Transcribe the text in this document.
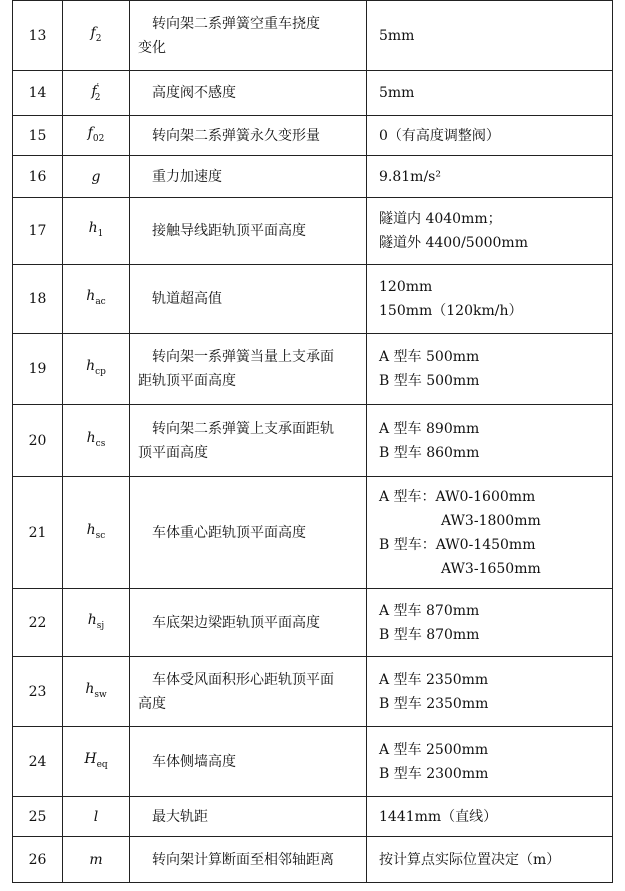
13	$f_2$	转向架二系弹簧空重车挠度
变化	5mm

14	$f'_2$	高度阀不感度	5mm

15	$f_{02}$	转向架二系弹簧永久变形量	0（有高度调整阀）

16	g	重力加速度	9.81m/s²

17	$h_1$	接触导线距轨顶平面高度	隧道内 4040mm；
隧道外 4400/5000mm

18	$h_{ac}$	轨道超高值	120mm
150mm（120km/h）

19	$h_{cp}$	转向架一系弹簧当量上支承面
距轨顶平面高度	A 型车 500mm
B 型车 500mm

20	$h_{cs}$	转向架二系弹簧上支承面距轨
顶平面高度	A 型车 890mm
B 型车 860mm

21	$h_{sc}$	车体重心距轨顶平面高度	A 型车：AW0-1600mm
AW3-1800mm
B 型车：AW0-1450mm
AW3-1650mm

22	$h_{sj}$	车底架边梁距轨顶平面高度	A 型车 870mm
B 型车 870mm

23	$h_{sw}$	车体受风面积形心距轨顶平面
高度	A 型车 2350mm
B 型车 2350mm

24	$H_{eq}$	车体侧墙高度	A 型车 2500mm
B 型车 2300mm

25	l	最大轨距	1441mm（直线）

26	m	转向架计算断面至相邻轴距离	按计算点实际位置决定（m）
